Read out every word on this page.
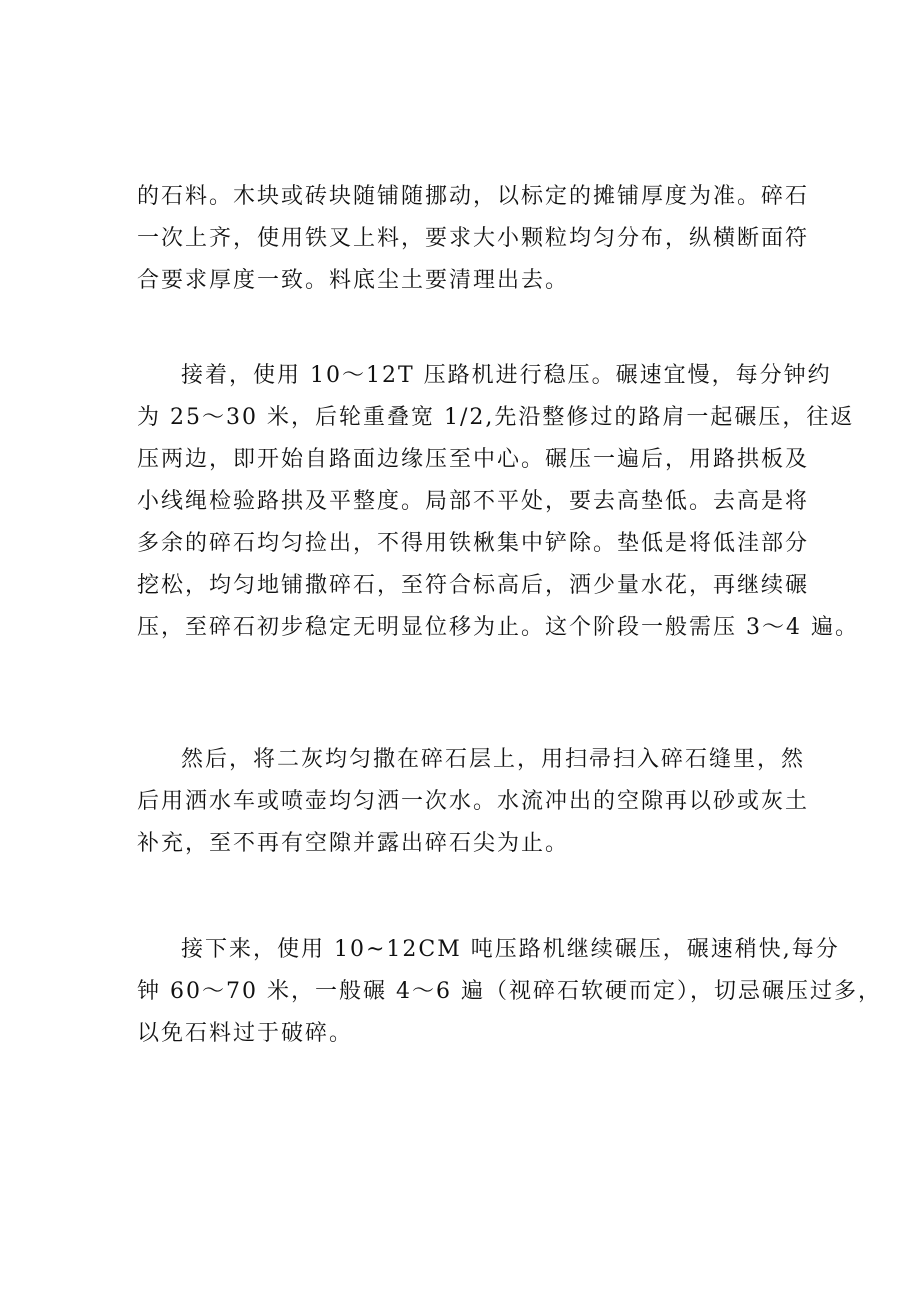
的石料。木块或砖块随铺随挪动，以标定的摊铺厚度为准。碎石
一次上齐，使用铁叉上料，要求大小颗粒均匀分布，纵横断面符
合要求厚度一致。料底尘土要清理出去。
接着，使用 10～12T 压路机进行稳压。碾速宜慢，每分钟约
为 25～30 米，后轮重叠宽 1/2,先沿整修过的路肩一起碾压，往返
压两边，即开始自路面边缘压至中心。碾压一遍后，用路拱板及
小线绳检验路拱及平整度。局部不平处，要去高垫低。去高是将
多余的碎石均匀捡出，不得用铁楸集中铲除。垫低是将低洼部分
挖松，均匀地铺撒碎石，至符合标高后，洒少量水花，再继续碾
压，至碎石初步稳定无明显位移为止。这个阶段一般需压 3～4 遍。
然后，将二灰均匀撒在碎石层上，用扫帚扫入碎石缝里，然
后用洒水车或喷壶均匀洒一次水。水流冲出的空隙再以砂或灰土
补充，至不再有空隙并露出碎石尖为止。
接下来，使用 10~12CM 吨压路机继续碾压，碾速稍快,每分
钟 60～70 米，一般碾 4～6 遍（视碎石软硬而定），切忌碾压过多，
以免石料过于破碎。
